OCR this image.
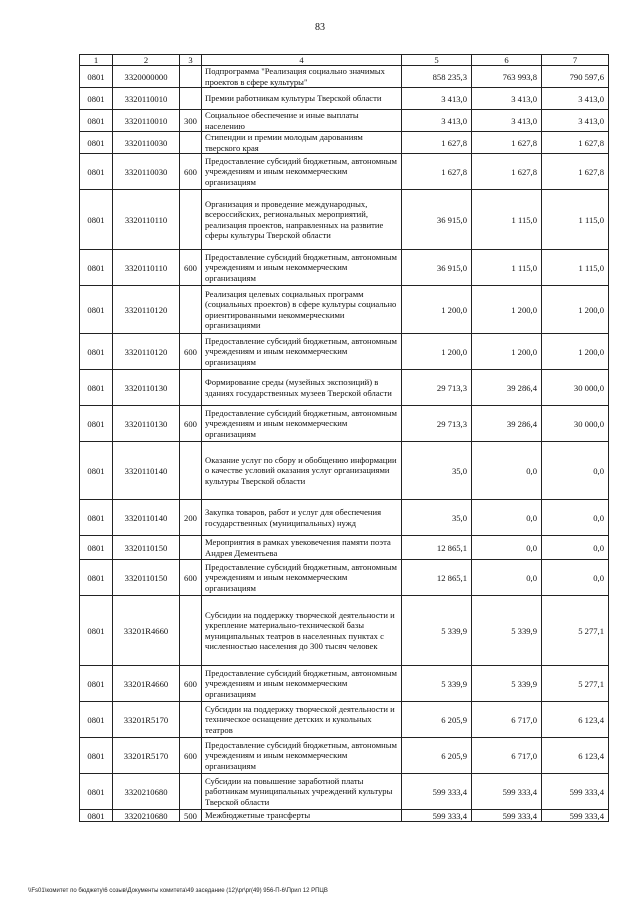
83
1	2	3	4	5	6	7
0801	3320000000		Подпрограмма "Реализация социально значимых проектов в сфере культуры"	858 235,3	763 993,8	790 597,6
0801	3320110010		Премии работникам культуры Тверской области	3 413,0	3 413,0	3 413,0
0801	3320110010	300	Социальное обеспечение и иные выплаты населению	3 413,0	3 413,0	3 413,0
0801	3320110030		Стипендии и премии молодым дарованиям тверского края	1 627,8	1 627,8	1 627,8
0801	3320110030	600	Предоставление субсидий бюджетным, автономным учреждениям и иным некоммерческим организациям	1 627,8	1 627,8	1 627,8
0801	3320110110		Организация и проведение международных, всероссийских, региональных мероприятий, реализация проектов, направленных на развитие сферы культуры Тверской области	36 915,0	1 115,0	1 115,0
0801	3320110110	600	Предоставление субсидий бюджетным, автономным учреждениям и иным некоммерческим организациям	36 915,0	1 115,0	1 115,0
0801	3320110120		Реализация целевых социальных программ (социальных проектов) в сфере культуры социально ориентированными некоммерческими организациями	1 200,0	1 200,0	1 200,0
0801	3320110120	600	Предоставление субсидий бюджетным, автономным учреждениям и иным некоммерческим организациям	1 200,0	1 200,0	1 200,0
0801	3320110130		Формирование среды (музейных экспозиций) в зданиях государственных музеев Тверской области	29 713,3	39 286,4	30 000,0
0801	3320110130	600	Предоставление субсидий бюджетным, автономным учреждениям и иным некоммерческим организациям	29 713,3	39 286,4	30 000,0
0801	3320110140		Оказание услуг по сбору и обобщению информации о качестве условий оказания услуг организациями культуры Тверской области	35,0	0,0	0,0
0801	3320110140	200	Закупка товаров, работ и услуг для обеспечения государственных (муниципальных) нужд	35,0	0,0	0,0
0801	3320110150		Мероприятия в рамках увековечения памяти поэта Андрея Дементьева	12 865,1	0,0	0,0
0801	3320110150	600	Предоставление субсидий бюджетным, автономным учреждениям и иным некоммерческим организациям	12 865,1	0,0	0,0
0801	33201R4660		Субсидии на поддержку творческой деятельности и укрепление материально-технической базы муниципальных театров в населенных пунктах с численностью населения до 300 тысяч человек	5 339,9	5 339,9	5 277,1
0801	33201R4660	600	Предоставление субсидий бюджетным, автономным учреждениям и иным некоммерческим организациям	5 339,9	5 339,9	5 277,1
0801	33201R5170		Субсидии на поддержку творческой деятельности и техническое оснащение детских и кукольных театров	6 205,9	6 717,0	6 123,4
0801	33201R5170	600	Предоставление субсидий бюджетным, автономным учреждениям и иным некоммерческим организациям	6 205,9	6 717,0	6 123,4
0801	3320210680		Субсидии на повышение заработной платы работникам муниципальных учреждений культуры Тверской области	599 333,4	599 333,4	599 333,4
0801	3320210680	500	Межбюджетные трансферты	599 333,4	599 333,4	599 333,4
\\Fs01\комитет по бюджету\6 созыв\Документы комитета\49 заседание (12)\pr\pr(49) 956-П-6\Прил 12 РПЦВ
